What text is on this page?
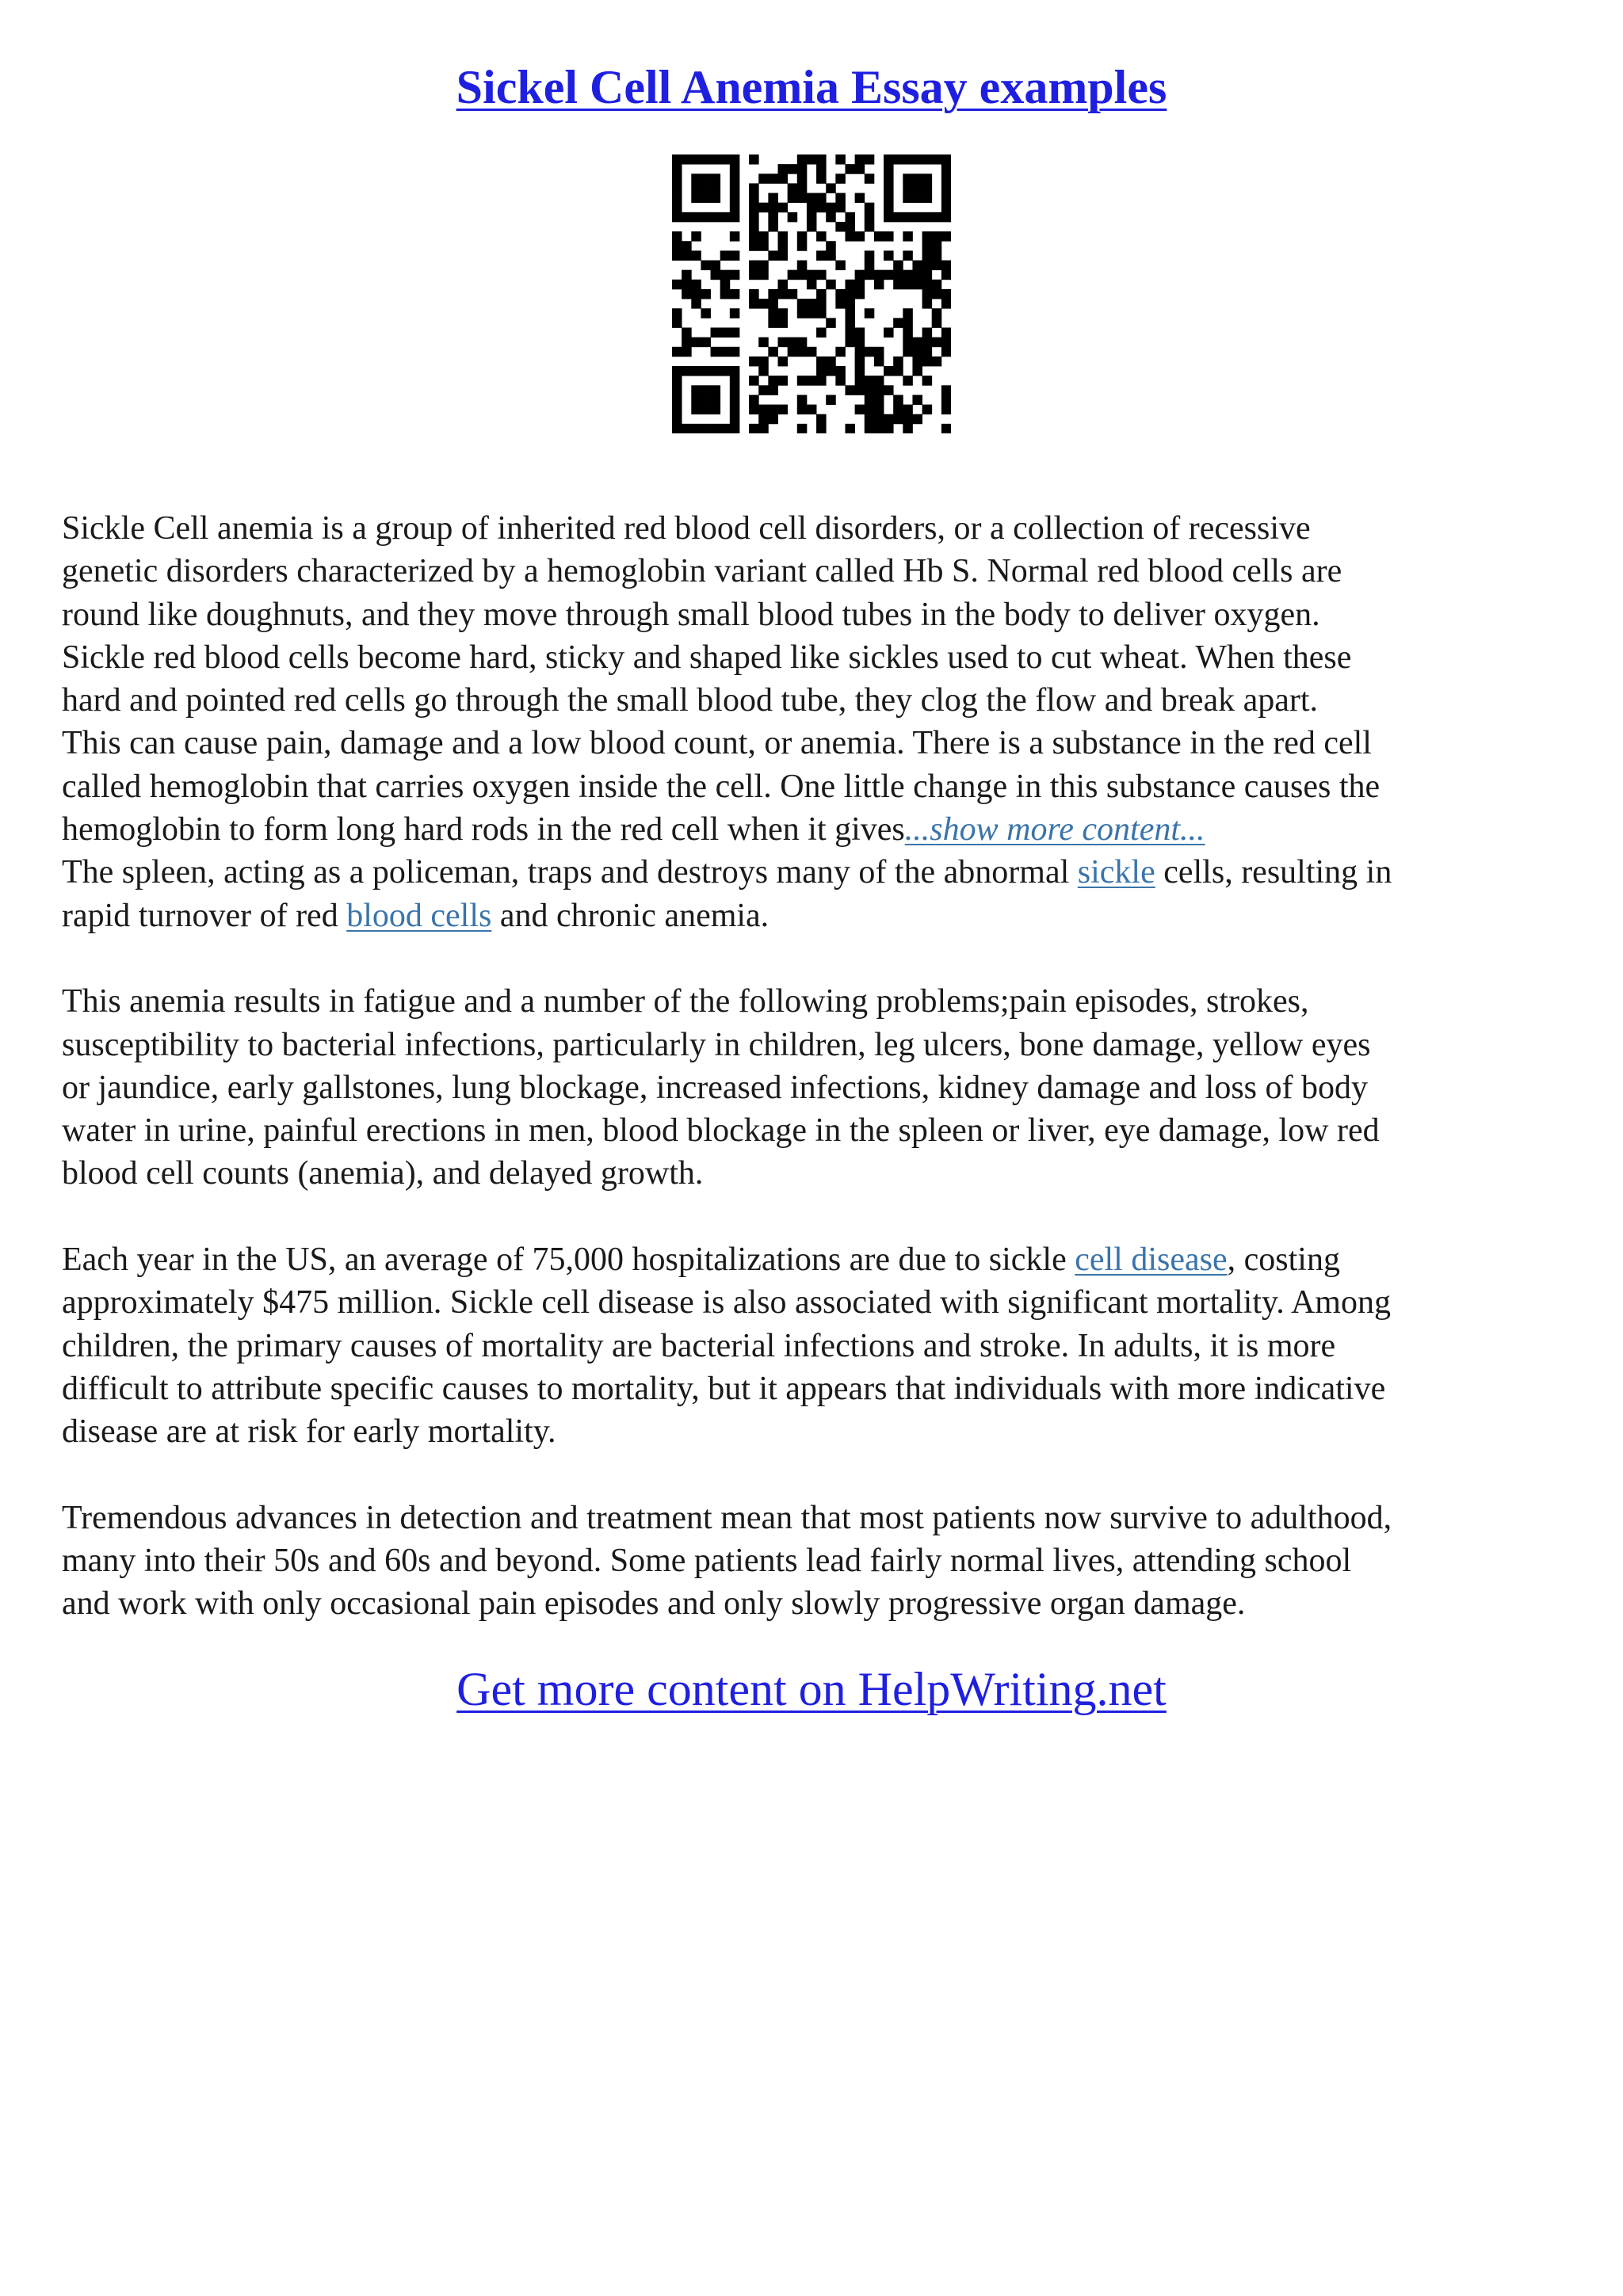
Sickel Cell Anemia Essay examples
Sickle Cell anemia is a group of inherited red blood cell disorders, or a collection of recessive
genetic disorders characterized by a hemoglobin variant called Hb S. Normal red blood cells are
round like doughnuts, and they move through small blood tubes in the body to deliver oxygen.
Sickle red blood cells become hard, sticky and shaped like sickles used to cut wheat. When these
hard and pointed red cells go through the small blood tube, they clog the flow and break apart.
This can cause pain, damage and a low blood count, or anemia. There is a substance in the red cell
called hemoglobin that carries oxygen inside the cell. One little change in this substance causes the
hemoglobin to form long hard rods in the red cell when it gives...show more content...
The spleen, acting as a policeman, traps and destroys many of the abnormal sickle cells, resulting in
rapid turnover of red blood cells and chronic anemia.
This anemia results in fatigue and a number of the following problems;pain episodes, strokes,
susceptibility to bacterial infections, particularly in children, leg ulcers, bone damage, yellow eyes
or jaundice, early gallstones, lung blockage, increased infections, kidney damage and loss of body
water in urine, painful erections in men, blood blockage in the spleen or liver, eye damage, low red
blood cell counts (anemia), and delayed growth.
Each year in the US, an average of 75,000 hospitalizations are due to sickle cell disease, costing
approximately $475 million. Sickle cell disease is also associated with significant mortality. Among
children, the primary causes of mortality are bacterial infections and stroke. In adults, it is more
difficult to attribute specific causes to mortality, but it appears that individuals with more indicative
disease are at risk for early mortality.
Tremendous advances in detection and treatment mean that most patients now survive to adulthood,
many into their 50s and 60s and beyond. Some patients lead fairly normal lives, attending school
and work with only occasional pain episodes and only slowly progressive organ damage.
Get more content on HelpWriting.net
